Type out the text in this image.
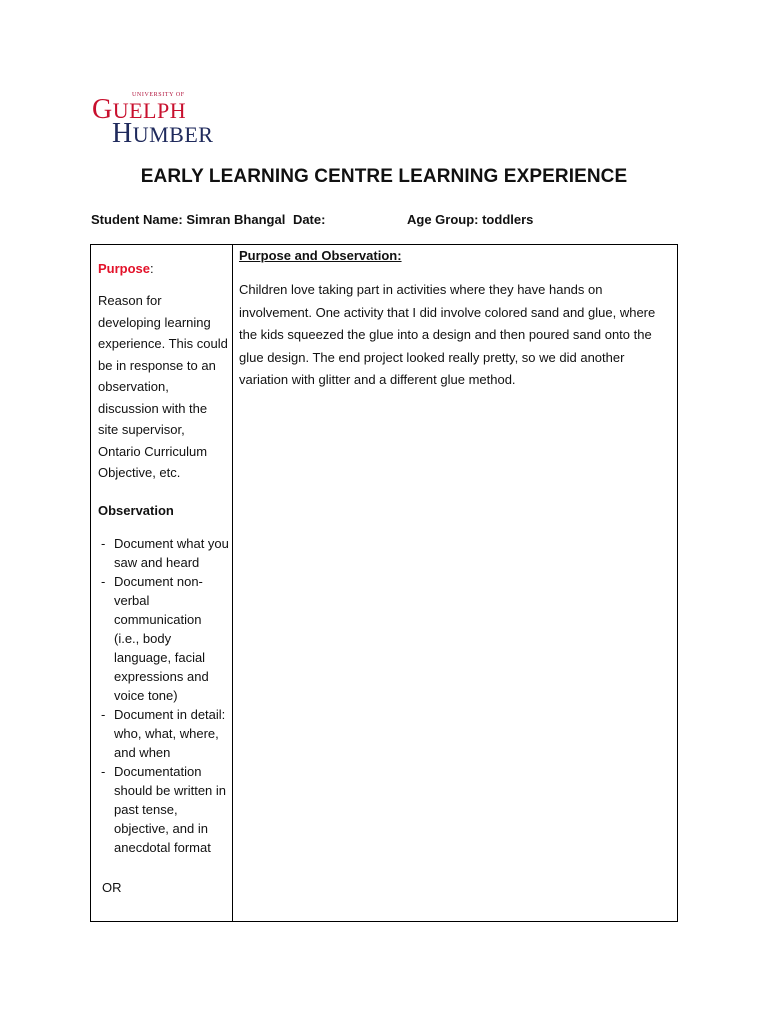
UNIVERSITY OF
GUELPH
HUMBER
EARLY LEARNING CENTRE LEARNING EXPERIENCE
Student Name: Simran Bhangal Date:	Age Group: toddlers
Purpose:
Reason for developing learning experience. This could be in response to an observation, discussion with the site supervisor, Ontario Curriculum Objective, etc.
Observation
- Document what you saw and heard
- Document non-verbal communication (i.e., body language, facial expressions and voice tone)
- Document in detail: who, what, where, and when
- Documentation should be written in past tense, objective, and in anecdotal format
OR
Purpose and Observation:
Children love taking part in activities where they have hands on involvement. One activity that I did involve colored sand and glue, where the kids squeezed the glue into a design and then poured sand onto the glue design. The end project looked really pretty, so we did another variation with glitter and a different glue method.
